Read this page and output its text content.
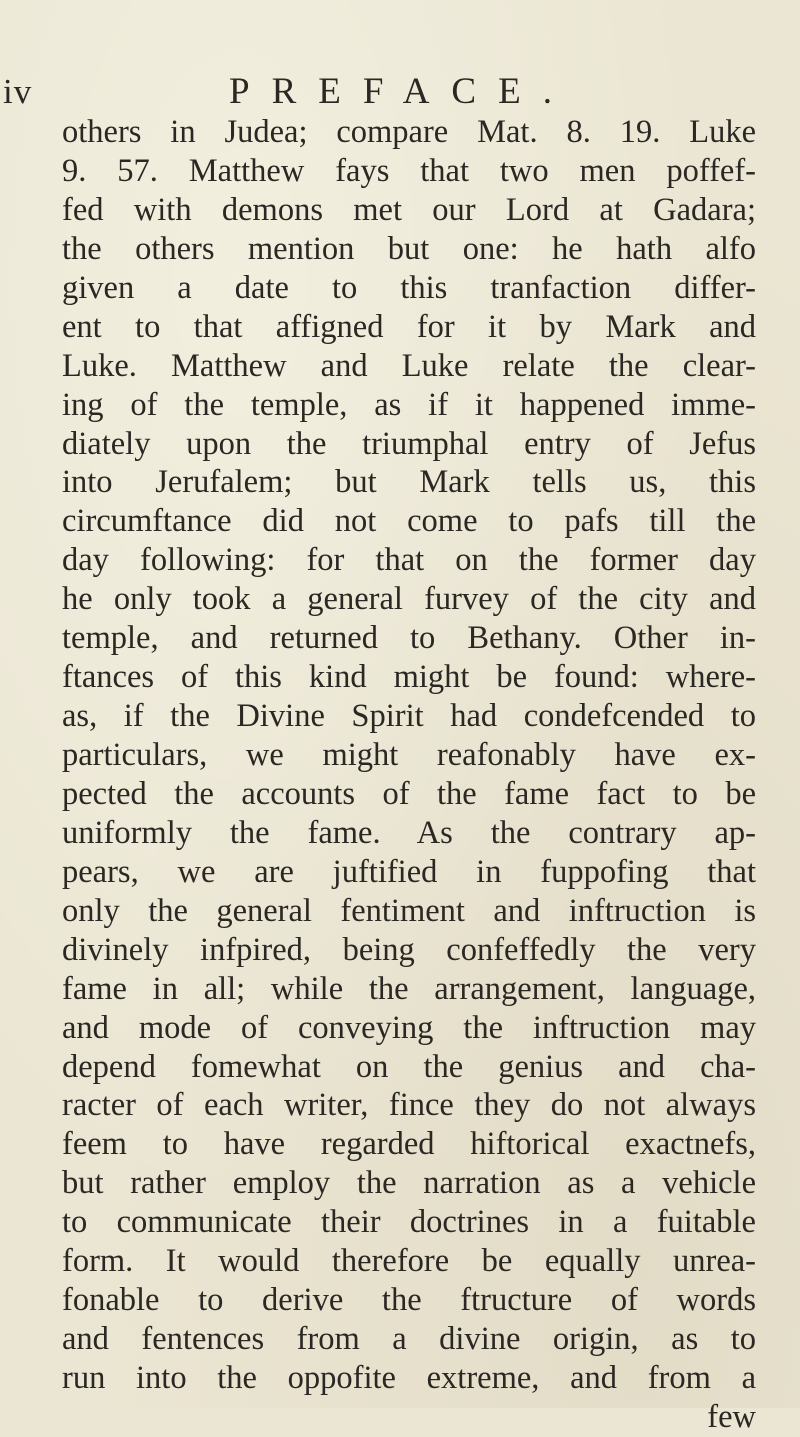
iv	PREFACE.
others in Judea; compare Mat. 8. 19. Luke
9. 57. Matthew fays that two men poffef-
fed with demons met our Lord at Gadara;
the others mention but one: he hath alfo
given a date to this tranfaction differ-
ent to that affigned for it by Mark and
Luke. Matthew and Luke relate the clear-
ing of the temple, as if it happened imme-
diately upon the triumphal entry of Jefus
into Jerufalem; but Mark tells us, this
circumftance did not come to pafs till the
day following: for that on the former day
he only took a general furvey of the city and
temple, and returned to Bethany. Other in-
ftances of this kind might be found: where-
as, if the Divine Spirit had condefcended to
particulars, we might reafonably have ex-
pected the accounts of the fame fact to be
uniformly the fame. As the contrary ap-
pears, we are juftified in fuppofing that
only the general fentiment and inftruction is
divinely infpired, being confeffedly the very
fame in all; while the arrangement, language,
and mode of conveying the inftruction may
depend fomewhat on the genius and cha-
racter of each writer, fince they do not always
feem to have regarded hiftorical exactnefs,
but rather employ the narration as a vehicle
to communicate their doctrines in a fuitable
form. It would therefore be equally unrea-
fonable to derive the ftructure of words
and fentences from a divine origin, as to
run into the oppofite extreme, and from a
few
